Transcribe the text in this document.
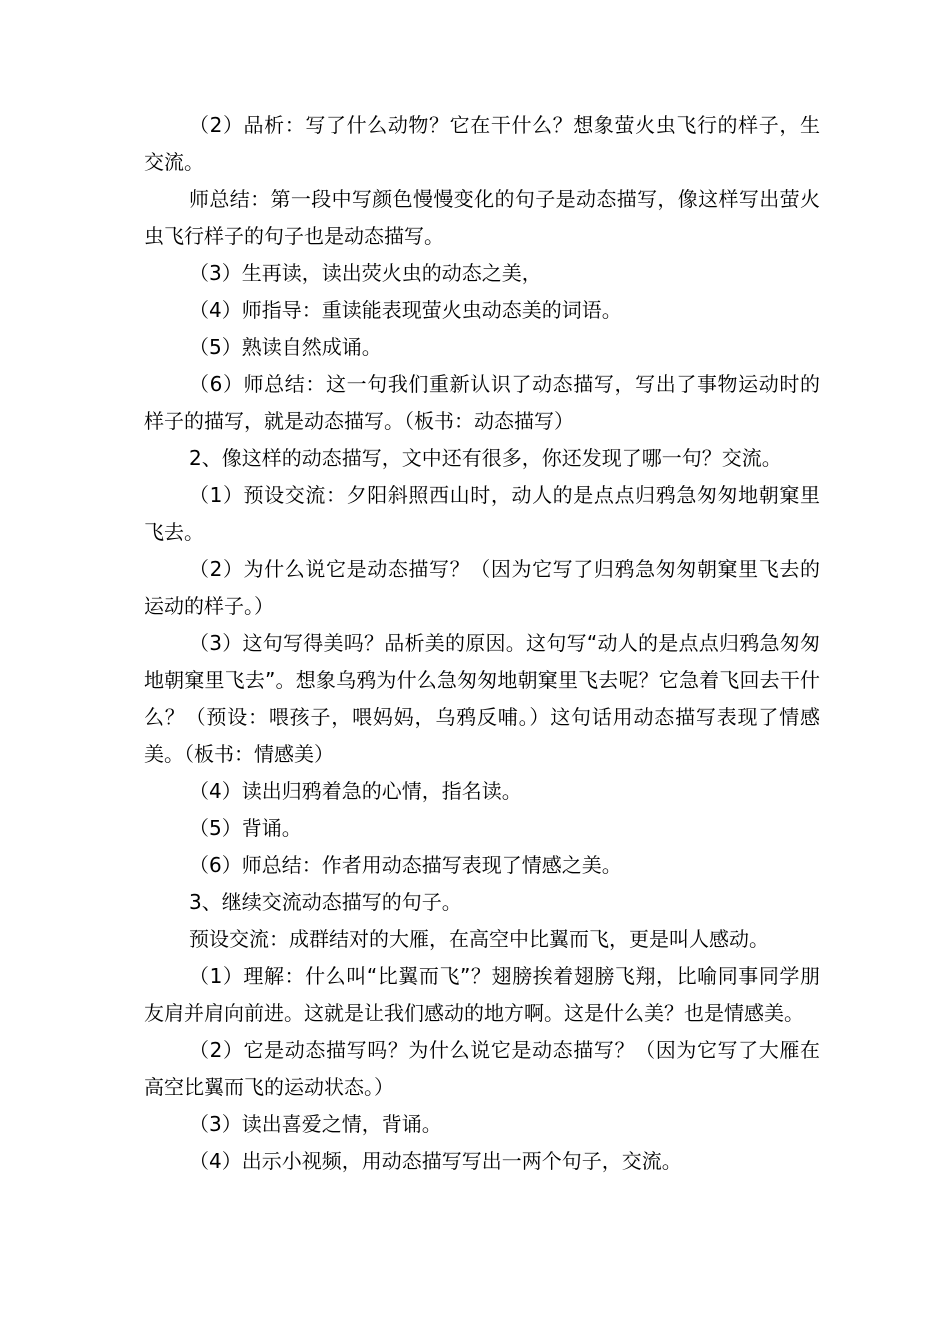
（2）品析：写了什么动物？它在干什么？想象萤火虫飞行的样子，生交流。

师总结：第一段中写颜色慢慢变化的句子是动态描写，像这样写出萤火虫飞行样子的句子也是动态描写。

（3）生再读，读出荧火虫的动态之美，

（4）师指导：重读能表现萤火虫动态美的词语。

（5）熟读自然成诵。

（6）师总结：这一句我们重新认识了动态描写，写出了事物运动时的样子的描写，就是动态描写。（板书：动态描写）

2、像这样的动态描写，文中还有很多，你还发现了哪一句？交流。

（1）预设交流：夕阳斜照西山时，动人的是点点归鸦急匆匆地朝窠里飞去。

（2）为什么说它是动态描写？（因为它写了归鸦急匆匆朝窠里飞去的运动的样子。）

（3）这句写得美吗？品析美的原因。这句写“动人的是点点归鸦急匆匆地朝窠里飞去”。想象乌鸦为什么急匆匆地朝窠里飞去呢？它急着飞回去干什么？（预设：喂孩子，喂妈妈，乌鸦反哺。）这句话用动态描写表现了情感美。（板书：情感美）

（4）读出归鸦着急的心情，指名读。

（5）背诵。

（6）师总结：作者用动态描写表现了情感之美。

3、继续交流动态描写的句子。

预设交流：成群结对的大雁，在高空中比翼而飞，更是叫人感动。

（1）理解：什么叫“比翼而飞”？翅膀挨着翅膀飞翔，比喻同事同学朋友肩并肩向前进。这就是让我们感动的地方啊。这是什么美？也是情感美。

（2）它是动态描写吗？为什么说它是动态描写？（因为它写了大雁在高空比翼而飞的运动状态。）

（3）读出喜爱之情，背诵。

（4）出示小视频，用动态描写写出一两个句子，交流。
